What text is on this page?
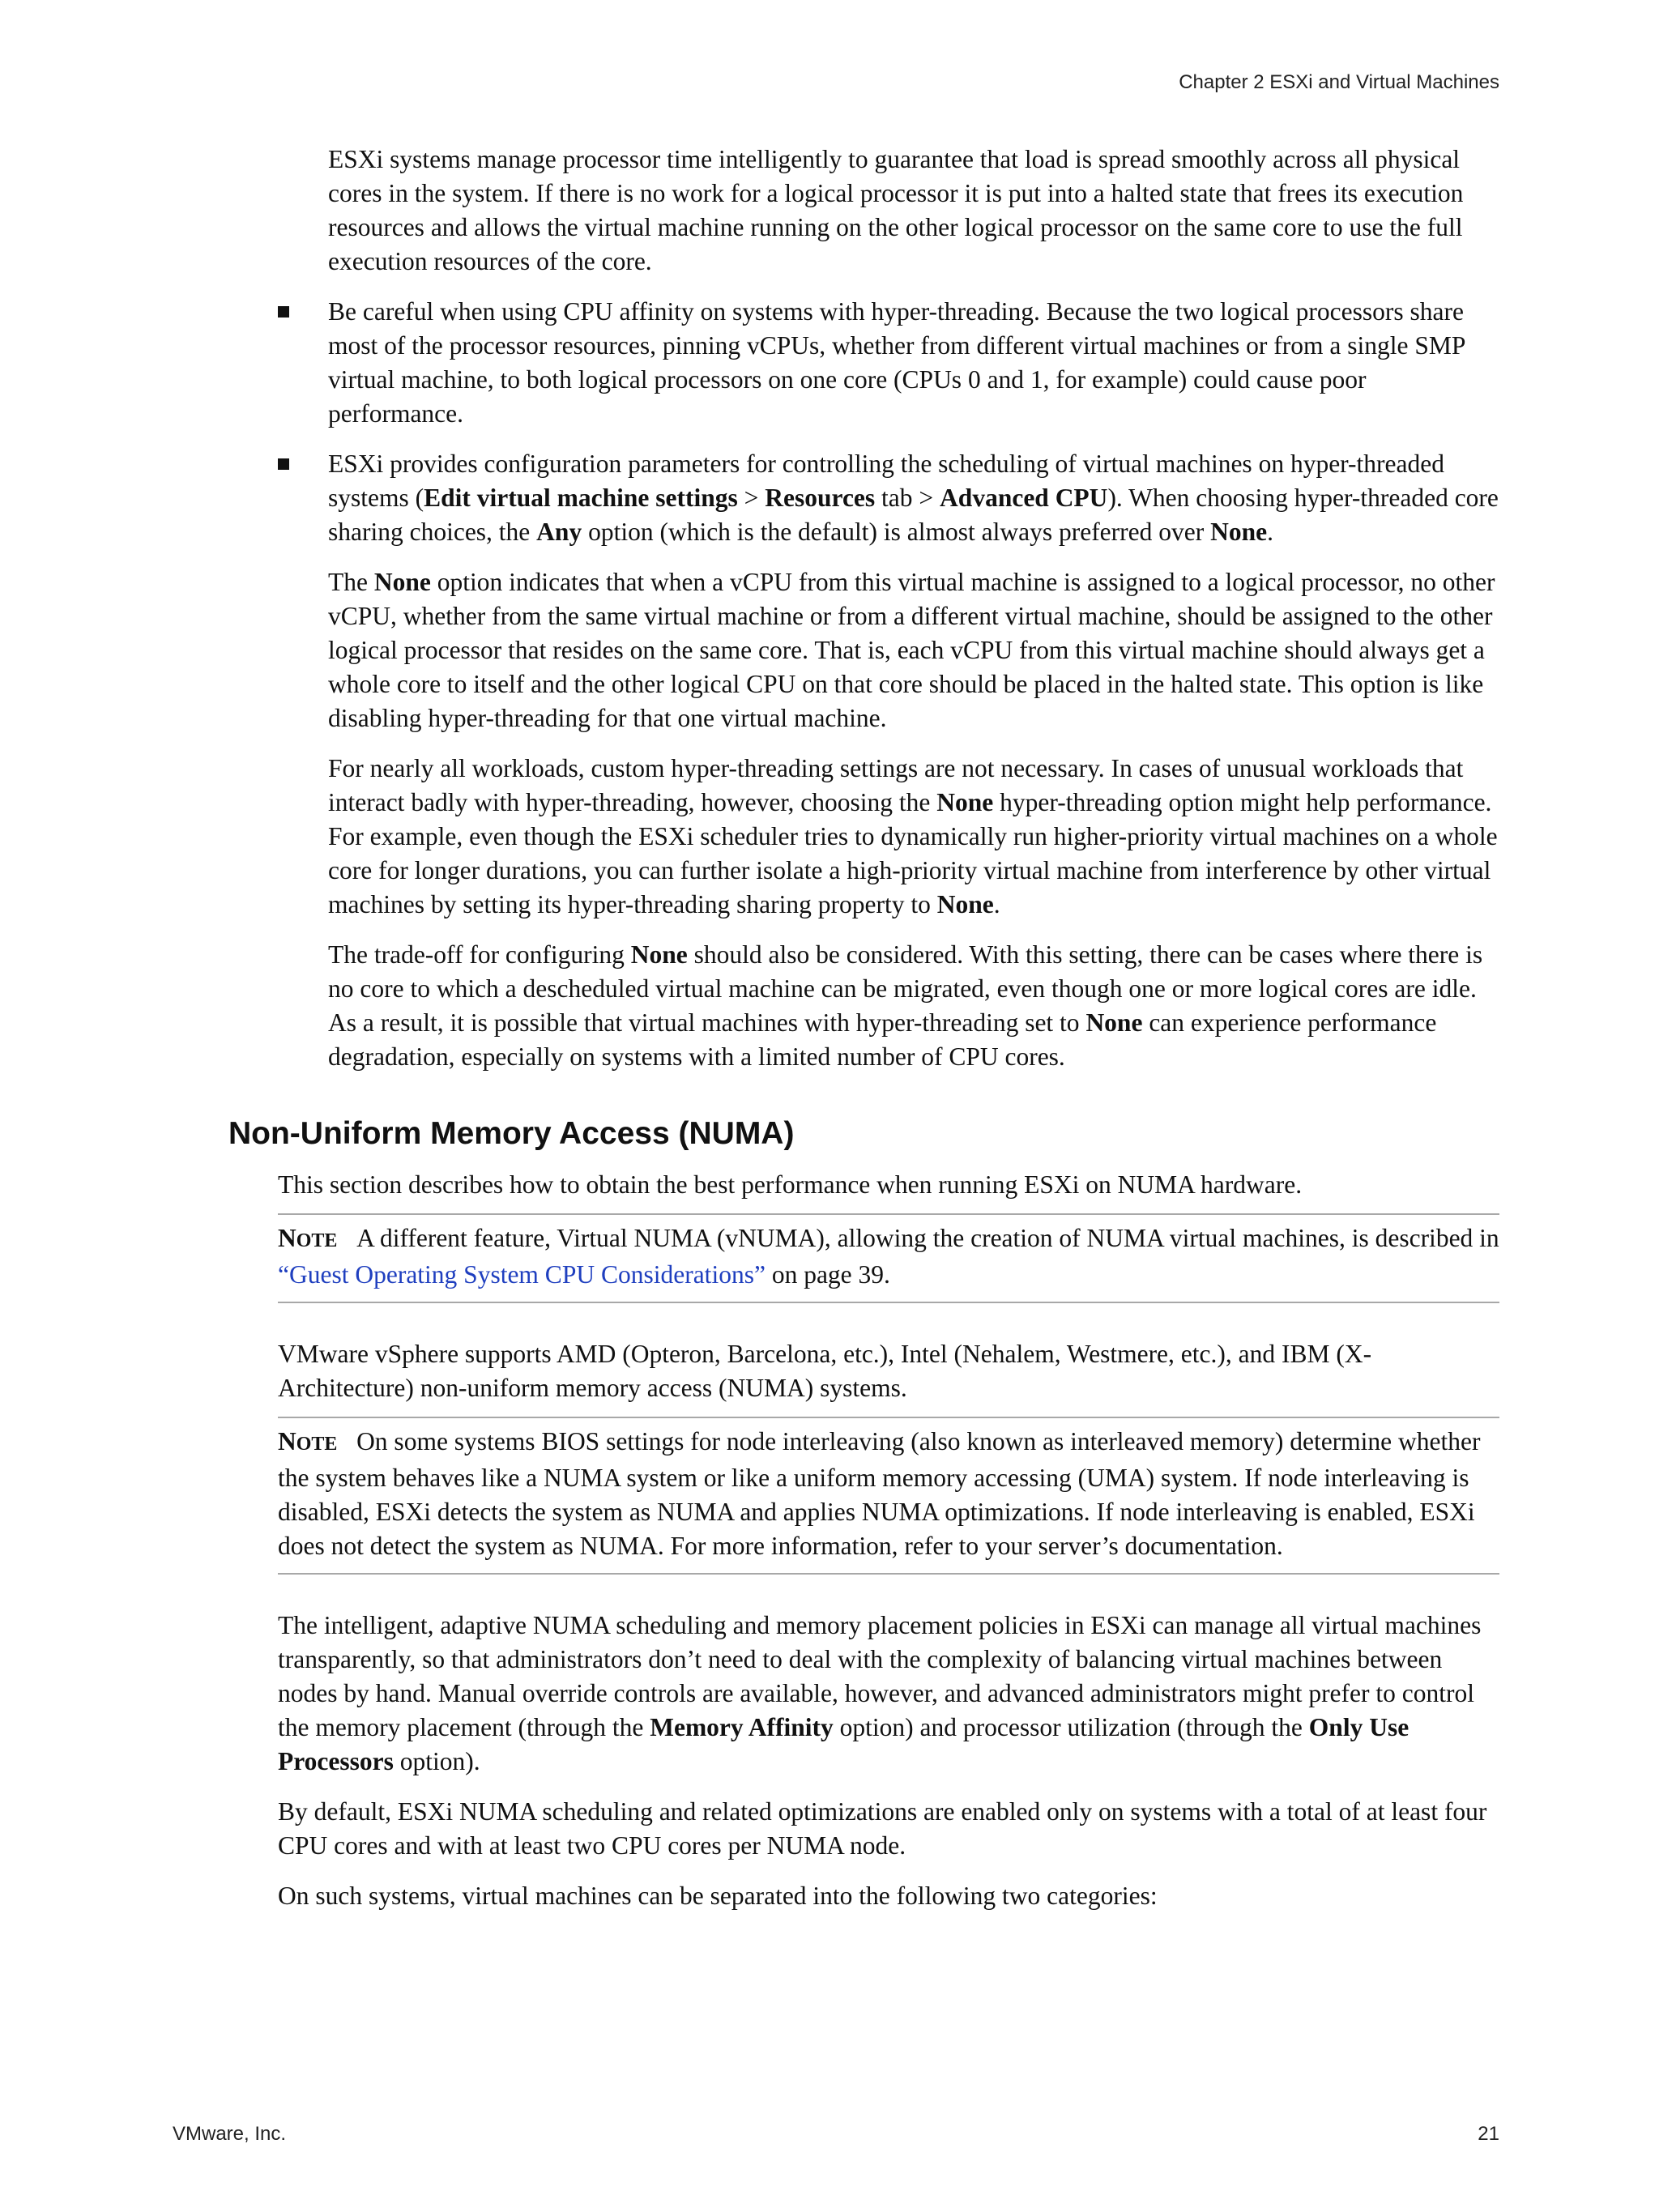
Chapter 2 ESXi and Virtual Machines

ESXi systems manage processor time intelligently to guarantee that load is spread smoothly across all physical cores in the system. If there is no work for a logical processor it is put into a halted state that frees its execution resources and allows the virtual machine running on the other logical processor on the same core to use the full execution resources of the core.

Be careful when using CPU affinity on systems with hyper-threading. Because the two logical processors share most of the processor resources, pinning vCPUs, whether from different virtual machines or from a single SMP virtual machine, to both logical processors on one core (CPUs 0 and 1, for example) could cause poor performance.

ESXi provides configuration parameters for controlling the scheduling of virtual machines on hyper-threaded systems (Edit virtual machine settings > Resources tab > Advanced CPU). When choosing hyper-threaded core sharing choices, the Any option (which is the default) is almost always preferred over None.

The None option indicates that when a vCPU from this virtual machine is assigned to a logical processor, no other vCPU, whether from the same virtual machine or from a different virtual machine, should be assigned to the other logical processor that resides on the same core. That is, each vCPU from this virtual machine should always get a whole core to itself and the other logical CPU on that core should be placed in the halted state. This option is like disabling hyper-threading for that one virtual machine.

For nearly all workloads, custom hyper-threading settings are not necessary. In cases of unusual workloads that interact badly with hyper-threading, however, choosing the None hyper-threading option might help performance. For example, even though the ESXi scheduler tries to dynamically run higher-priority virtual machines on a whole core for longer durations, you can further isolate a high-priority virtual machine from interference by other virtual machines by setting its hyper-threading sharing property to None.

The trade-off for configuring None should also be considered. With this setting, there can be cases where there is no core to which a descheduled virtual machine can be migrated, even though one or more logical cores are idle. As a result, it is possible that virtual machines with hyper-threading set to None can experience performance degradation, especially on systems with a limited number of CPU cores.

Non-Uniform Memory Access (NUMA)

This section describes how to obtain the best performance when running ESXi on NUMA hardware.

NOTE A different feature, Virtual NUMA (vNUMA), allowing the creation of NUMA virtual machines, is described in “Guest Operating System CPU Considerations” on page 39.

VMware vSphere supports AMD (Opteron, Barcelona, etc.), Intel (Nehalem, Westmere, etc.), and IBM (X-Architecture) non-uniform memory access (NUMA) systems.

NOTE On some systems BIOS settings for node interleaving (also known as interleaved memory) determine whether the system behaves like a NUMA system or like a uniform memory accessing (UMA) system. If node interleaving is disabled, ESXi detects the system as NUMA and applies NUMA optimizations. If node interleaving is enabled, ESXi does not detect the system as NUMA. For more information, refer to your server’s documentation.

The intelligent, adaptive NUMA scheduling and memory placement policies in ESXi can manage all virtual machines transparently, so that administrators don’t need to deal with the complexity of balancing virtual machines between nodes by hand. Manual override controls are available, however, and advanced administrators might prefer to control the memory placement (through the Memory Affinity option) and processor utilization (through the Only Use Processors option).

By default, ESXi NUMA scheduling and related optimizations are enabled only on systems with a total of at least four CPU cores and with at least two CPU cores per NUMA node.

On such systems, virtual machines can be separated into the following two categories:

VMware, Inc.	21
